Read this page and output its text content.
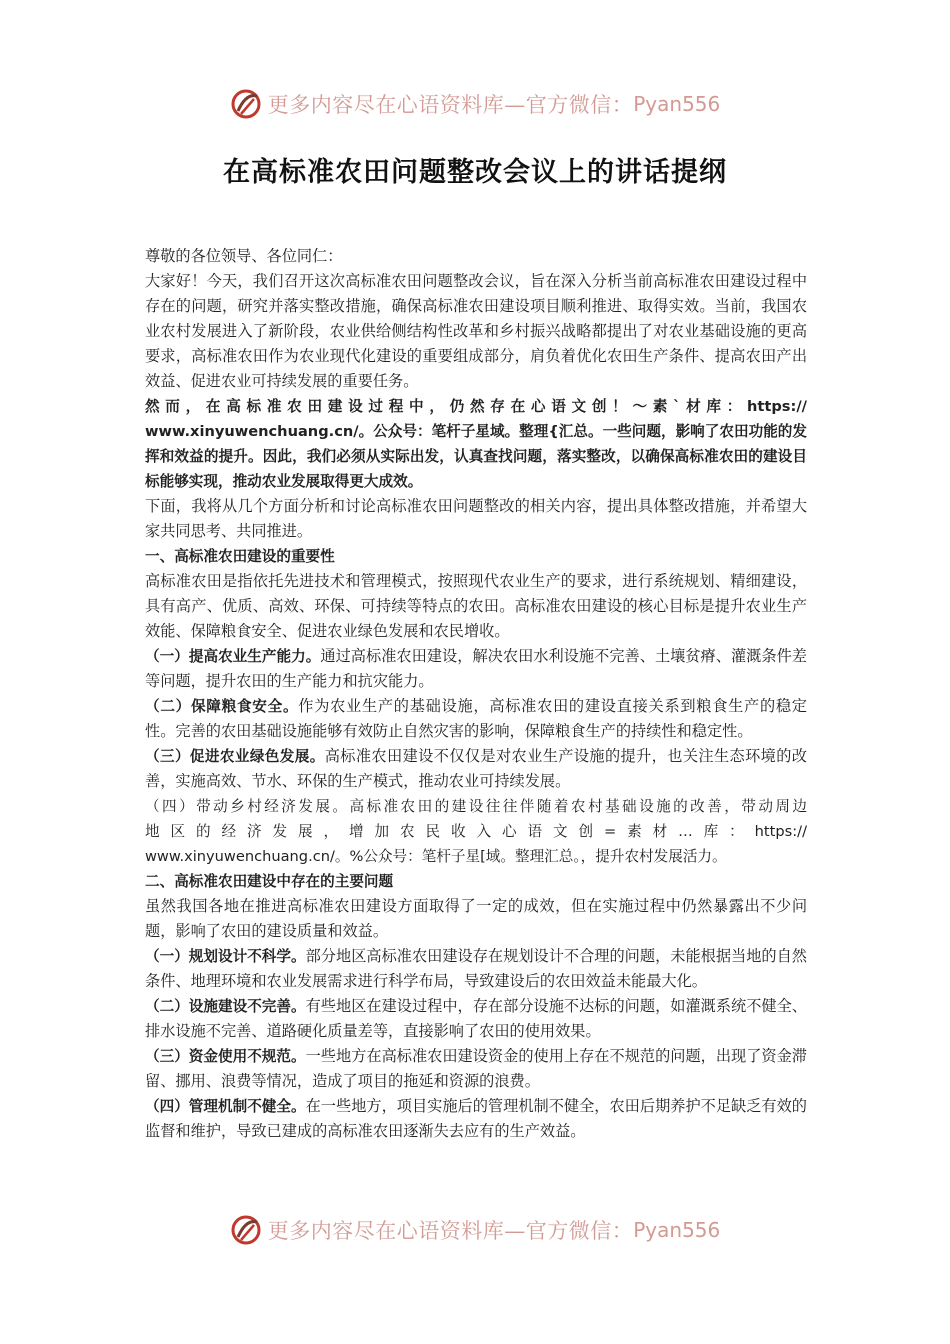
更多内容尽在心语资料库—官方微信： Pyan556
在高标准农田问题整改会议上的讲话提纲

尊敬的各位领导、各位同仁：

大家好！今天，我们召开这次高标准农田问题整改会议，旨在深入分析当前高标准农田建设过程中存在的问题，研究并落实整改措施，确保高标准农田建设项目顺利推进、取得实效。当前，我国农业农村发展进入了新阶段，农业供给侧结构性改革和乡村振兴战略都提出了对农业基础设施的更高要求，高标准农田作为农业现代化建设的重要组成部分，肩负着优化农田生产条件、提高农田产出效益、促进农业可持续发展的重要任务。

然而，在高标准农田建设过程中，仍然存在心语文创！～素`材库：https://

www.xinyuwenchuang.cn/。公众号：笔杆子星域。整理{汇总。一些问题，影响了农田功能的发挥和效益的提升。因此，我们必须从实际出发，认真查找问题，落实整改，以确保高标准农田的建设目标能够实现，推动农业发展取得更大成效。

下面，我将从几个方面分析和讨论高标准农田问题整改的相关内容，提出具体整改措施，并希望大家共同思考、共同推进。

一、高标准农田建设的重要性

高标准农田是指依托先进技术和管理模式，按照现代农业生产的要求，进行系统规划、精细建设，具有高产、优质、高效、环保、可持续等特点的农田。高标准农田建设的核心目标是提升农业生产效能、保障粮食安全、促进农业绿色发展和农民增收。

（一）提高农业生产能力。通过高标准农田建设，解决农田水利设施不完善、土壤贫瘠、灌溉条件差等问题，提升农田的生产能力和抗灾能力。

（二）保障粮食安全。作为农业生产的基础设施，高标准农田的建设直接关系到粮食生产的稳定性。完善的农田基础设施能够有效防止自然灾害的影响，保障粮食生产的持续性和稳定性。

（三）促进农业绿色发展。高标准农田建设不仅仅是对农业生产设施的提升，也关注生态环境的改善，实施高效、节水、环保的生产模式，推动农业可持续发展。

（四）带动乡村经济发展。高标准农田的建设往往伴随着农村基础设施的改善，带动周边

地区的经济发展，增加农民收入心语文创=素材…库：https://

www.xinyuwenchuang.cn/。%公众号：笔杆子星[域。整理汇总。，提升农村发展活力。

二、高标准农田建设中存在的主要问题

虽然我国各地在推进高标准农田建设方面取得了一定的成效，但在实施过程中仍然暴露出不少问题，影响了农田的建设质量和效益。

（一）规划设计不科学。部分地区高标准农田建设存在规划设计不合理的问题，未能根据当地的自然条件、地理环境和农业发展需求进行科学布局，导致建设后的农田效益未能最大化。

（二）设施建设不完善。有些地区在建设过程中，存在部分设施不达标的问题，如灌溉系统不健全、排水设施不完善、道路硬化质量差等，直接影响了农田的使用效果。

（三）资金使用不规范。一些地方在高标准农田建设资金的使用上存在不规范的问题，出现了资金滞留、挪用、浪费等情况，造成了项目的拖延和资源的浪费。

（四）管理机制不健全。在一些地方，项目实施后的管理机制不健全，农田后期养护不足缺乏有效的监督和维护，导致已建成的高标准农田逐渐失去应有的生产效益。

更多内容尽在心语资料库—官方微信： Pyan556
